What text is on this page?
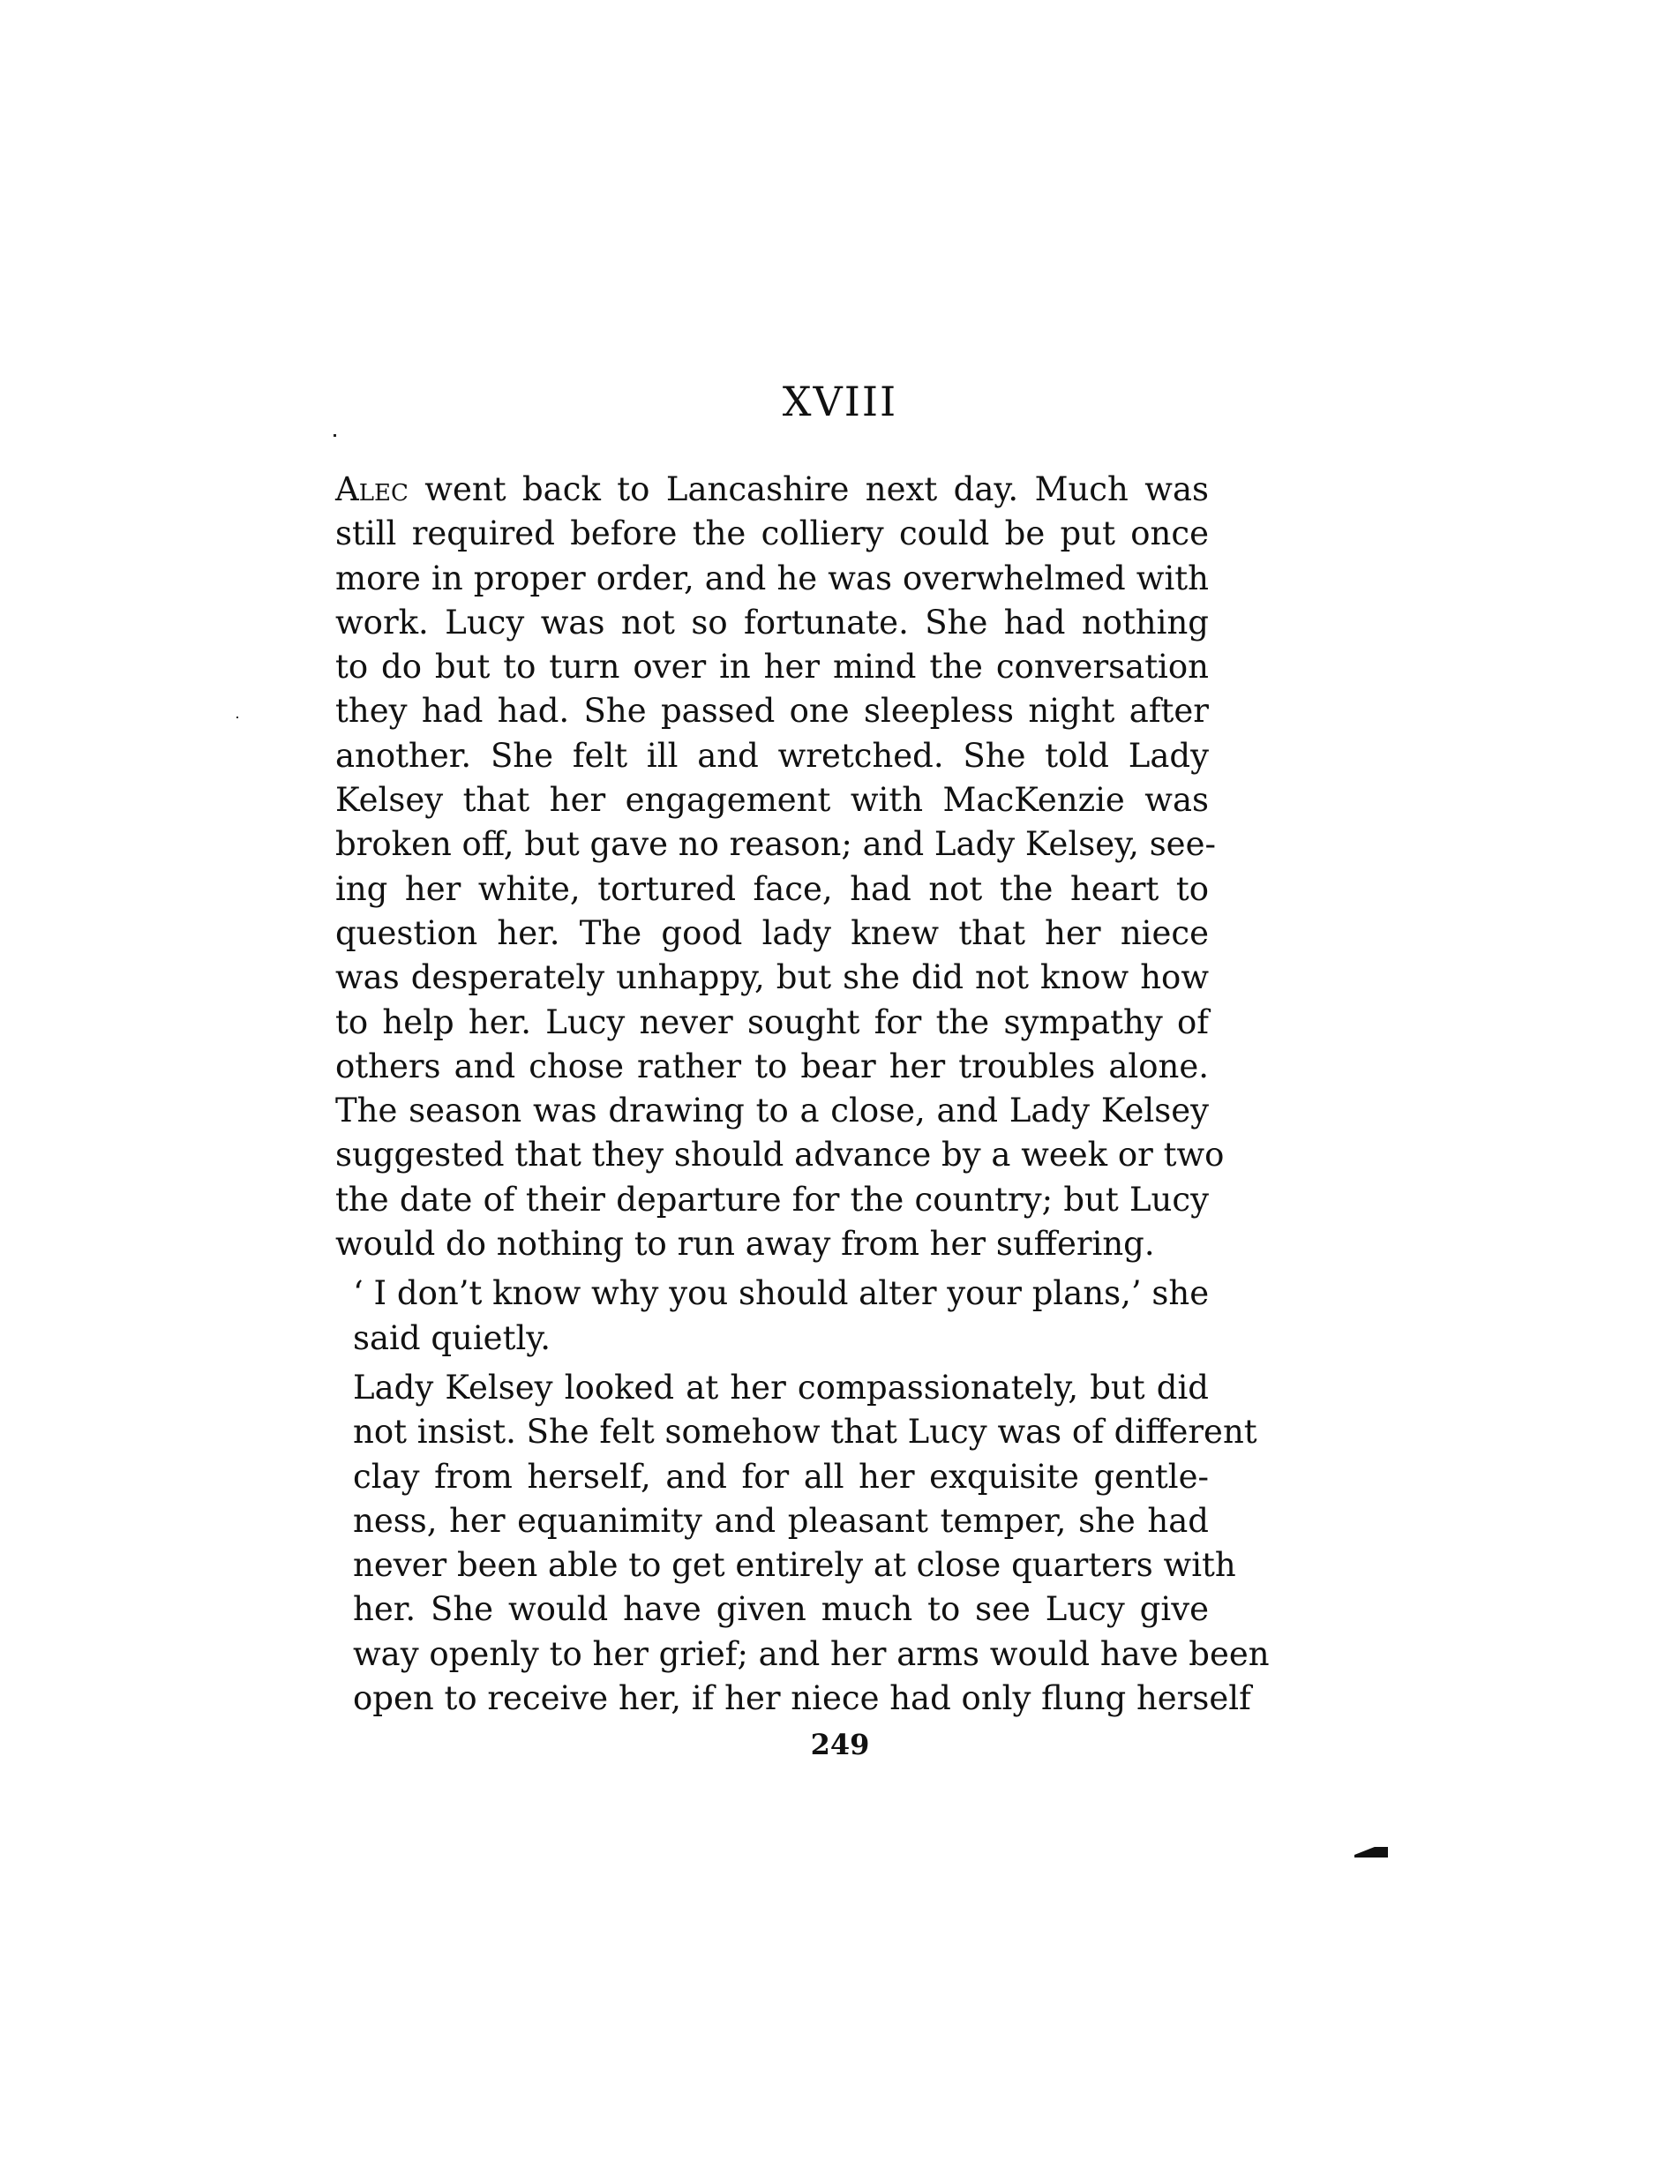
XVIII

Alec went back to Lancashire next day. Much was
still required before the colliery could be put once
more in proper order, and he was overwhelmed with
work. Lucy was not so fortunate. She had nothing
to do but to turn over in her mind the conversation
they had had. She passed one sleepless night after
another. She felt ill and wretched. She told Lady
Kelsey that her engagement with MacKenzie was
broken off, but gave no reason; and Lady Kelsey, see-
ing her white, tortured face, had not the heart to
question her. The good lady knew that her niece
was desperately unhappy, but she did not know how
to help her. Lucy never sought for the sympathy of
others and chose rather to bear her troubles alone.
The season was drawing to a close, and Lady Kelsey
suggested that they should advance by a week or two
the date of their departure for the country; but Lucy
would do nothing to run away from her suffering.

‘ I don’t know why you should alter your plans,’ she
said quietly.

Lady Kelsey looked at her compassionately, but did
not insist. She felt somehow that Lucy was of different
clay from herself, and for all her exquisite gentle-
ness, her equanimity and pleasant temper, she had
never been able to get entirely at close quarters with
her. She would have given much to see Lucy give
way openly to her grief; and her arms would have been
open to receive her, if her niece had only flung herself

249
